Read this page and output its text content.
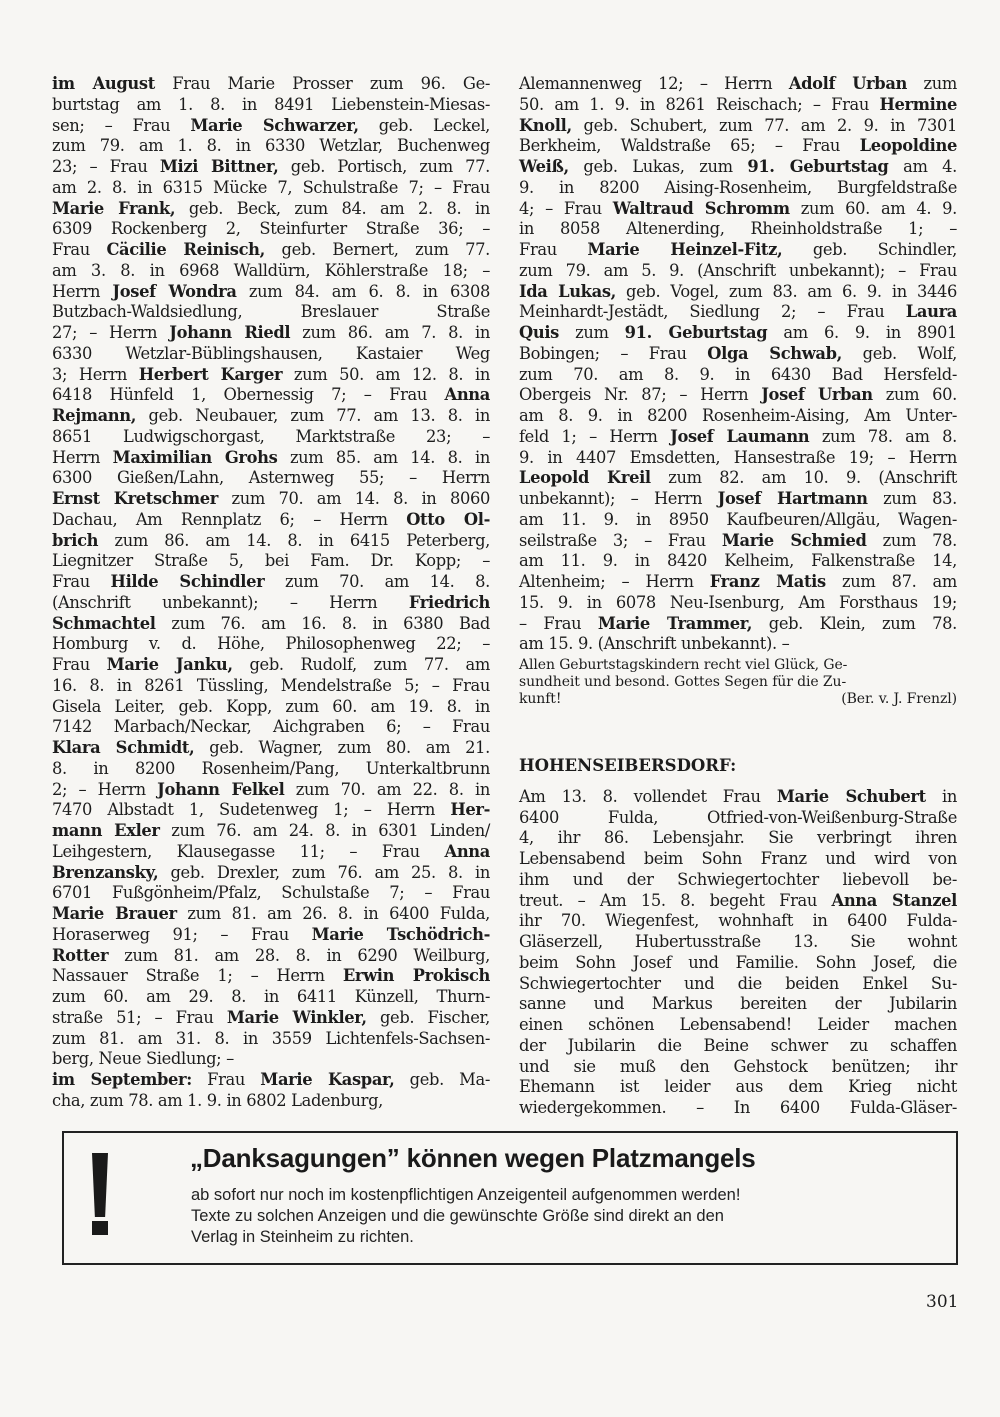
im August Frau Marie Prosser zum 96. Ge-
burtstag am 1. 8. in 8491 Liebenstein-Miesas-
sen; – Frau Marie Schwarzer, geb. Leckel,
zum 79. am 1. 8. in 6330 Wetzlar, Buchenweg
23; – Frau Mizi Bittner, geb. Portisch, zum 77.
am 2. 8. in 6315 Mücke 7, Schulstraße 7; – Frau
Marie Frank, geb. Beck, zum 84. am 2. 8. in
6309 Rockenberg 2, Steinfurter Straße 36; –
Frau Cäcilie Reinisch, geb. Bernert, zum 77.
am 3. 8. in 6968 Walldürn, Köhlerstraße 18; –
Herrn Josef Wondra zum 84. am 6. 8. in 6308
Butzbach-Waldsiedlung, Breslauer Straße
27; – Herrn Johann Riedl zum 86. am 7. 8. in
6330 Wetzlar-Büblingshausen, Kastaier Weg
3; Herrn Herbert Karger zum 50. am 12. 8. in
6418 Hünfeld 1, Obernessig 7; – Frau Anna
Rejmann, geb. Neubauer, zum 77. am 13. 8. in
8651 Ludwigschorgast, Marktstraße 23; –
Herrn Maximilian Grohs zum 85. am 14. 8. in
6300 Gießen/Lahn, Asternweg 55; – Herrn
Ernst Kretschmer zum 70. am 14. 8. in 8060
Dachau, Am Rennplatz 6; – Herrn Otto Ol-
brich zum 86. am 14. 8. in 6415 Peterberg,
Liegnitzer Straße 5, bei Fam. Dr. Kopp; –
Frau Hilde Schindler zum 70. am 14. 8.
(Anschrift unbekannt); – Herrn Friedrich
Schmachtel zum 76. am 16. 8. in 6380 Bad
Homburg v. d. Höhe, Philosophenweg 22; –
Frau Marie Janku, geb. Rudolf, zum 77. am
16. 8. in 8261 Tüssling, Mendelstraße 5; – Frau
Gisela Leiter, geb. Kopp, zum 60. am 19. 8. in
7142 Marbach/Neckar, Aichgraben 6; – Frau
Klara Schmidt, geb. Wagner, zum 80. am 21.
8. in 8200 Rosenheim/Pang, Unterkaltbrunn
2; – Herrn Johann Felkel zum 70. am 22. 8. in
7470 Albstadt 1, Sudetenweg 1; – Herrn Her-
mann Exler zum 76. am 24. 8. in 6301 Linden/
Leihgestern, Klausegasse 11; – Frau Anna
Brenzansky, geb. Drexler, zum 76. am 25. 8. in
6701 Fußgönheim/Pfalz, Schulstaße 7; – Frau
Marie Brauer zum 81. am 26. 8. in 6400 Fulda,
Horaserweg 91; – Frau Marie Tschödrich-
Rotter zum 81. am 28. 8. in 6290 Weilburg,
Nassauer Straße 1; – Herrn Erwin Prokisch
zum 60. am 29. 8. in 6411 Künzell, Thurn-
straße 51; – Frau Marie Winkler, geb. Fischer,
zum 81. am 31. 8. in 3559 Lichtenfels-Sachsen-
berg, Neue Siedlung; –
im September: Frau Marie Kaspar, geb. Ma-
cha, zum 78. am 1. 9. in 6802 Ladenburg,
Alemannenweg 12; – Herrn Adolf Urban zum
50. am 1. 9. in 8261 Reischach; – Frau Hermine
Knoll, geb. Schubert, zum 77. am 2. 9. in 7301
Berkheim, Waldstraße 65; – Frau Leopoldine
Weiß, geb. Lukas, zum 91. Geburtstag am 4.
9. in 8200 Aising-Rosenheim, Burgfeldstraße
4; – Frau Waltraud Schromm zum 60. am 4. 9.
in 8058 Altenerding, Rheinholdstraße 1; –
Frau Marie Heinzel-Fitz, geb. Schindler,
zum 79. am 5. 9. (Anschrift unbekannt); – Frau
Ida Lukas, geb. Vogel, zum 83. am 6. 9. in 3446
Meinhardt-Jestädt, Siedlung 2; – Frau Laura
Quis zum 91. Geburtstag am 6. 9. in 8901
Bobingen; – Frau Olga Schwab, geb. Wolf,
zum 70. am 8. 9. in 6430 Bad Hersfeld-
Obergeis Nr. 87; – Herrn Josef Urban zum 60.
am 8. 9. in 8200 Rosenheim-Aising, Am Unter-
feld 1; – Herrn Josef Laumann zum 78. am 8.
9. in 4407 Emsdetten, Hansestraße 19; – Herrn
Leopold Kreil zum 82. am 10. 9. (Anschrift
unbekannt); – Herrn Josef Hartmann zum 83.
am 11. 9. in 8950 Kaufbeuren/Allgäu, Wagen-
seilstraße 3; – Frau Marie Schmied zum 78.
am 11. 9. in 8420 Kelheim, Falkenstraße 14,
Altenheim; – Herrn Franz Matis zum 87. am
15. 9. in 6078 Neu-Isenburg, Am Forsthaus 19;
– Frau Marie Trammer, geb. Klein, zum 78.
am 15. 9. (Anschrift unbekannt). –

Allen Geburtstagskindern recht viel Glück, Ge-
sundheit und besond. Gottes Segen für die Zu-
kunft!	(Ber. v. J. Frenzl)

HOHENSEIBERSDORF:

Am 13. 8. vollendet Frau Marie Schubert in
6400 Fulda, Otfried-von-Weißenburg-Straße
4, ihr 86. Lebensjahr. Sie verbringt ihren
Lebensabend beim Sohn Franz und wird von
ihm und der Schwiegertochter liebevoll be-
treut. – Am 15. 8. begeht Frau Anna Stanzel
ihr 70. Wiegenfest, wohnhaft in 6400 Fulda-
Gläserzell, Hubertusstraße 13. Sie wohnt
beim Sohn Josef und Familie. Sohn Josef, die
Schwiegertochter und die beiden Enkel Su-
sanne und Markus bereiten der Jubilarin
einen schönen Lebensabend! Leider machen
der Jubilarin die Beine schwer zu schaffen
und sie muß den Gehstock benützen; ihr
Ehemann ist leider aus dem Krieg nicht
wiedergekommen. – In 6400 Fulda-Gläser-
„Danksagungen” können wegen Platzmangels
ab sofort nur noch im kostenpflichtigen Anzeigenteil aufgenommen werden!
Texte zu solchen Anzeigen und die gewünschte Größe sind direkt an den
Verlag in Steinheim zu richten.
301
